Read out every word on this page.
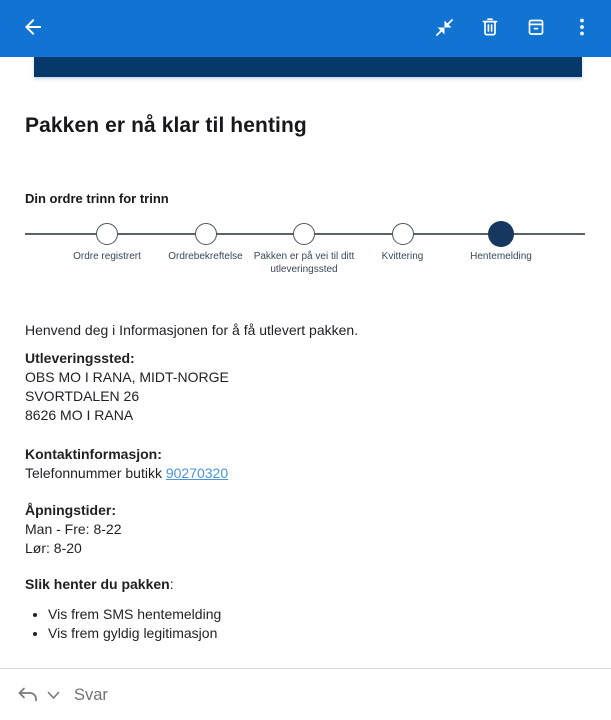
Pakken er nå klar til henting
Din ordre trinn for trinn
Ordre registrert	Ordrebekreftelse	Pakken er på vei til ditt utleveringssted
Kvittering	Hentemelding

Henvend deg i Informasjonen for å få utlevert pakken.

Utleveringssted:
OBS MO I RANA, MIDT-NORGE
SVORTDALEN 26
8626 MO I RANA
Kontaktinformasjon:
Telefonnummer butikk 90270320
Åpningstider:
Man - Fre: 8-22
Lør: 8-20
Slik henter du pakken:
• Vis frem SMS hentemelding
• Vis frem gyldig legitimasjon
Svar
